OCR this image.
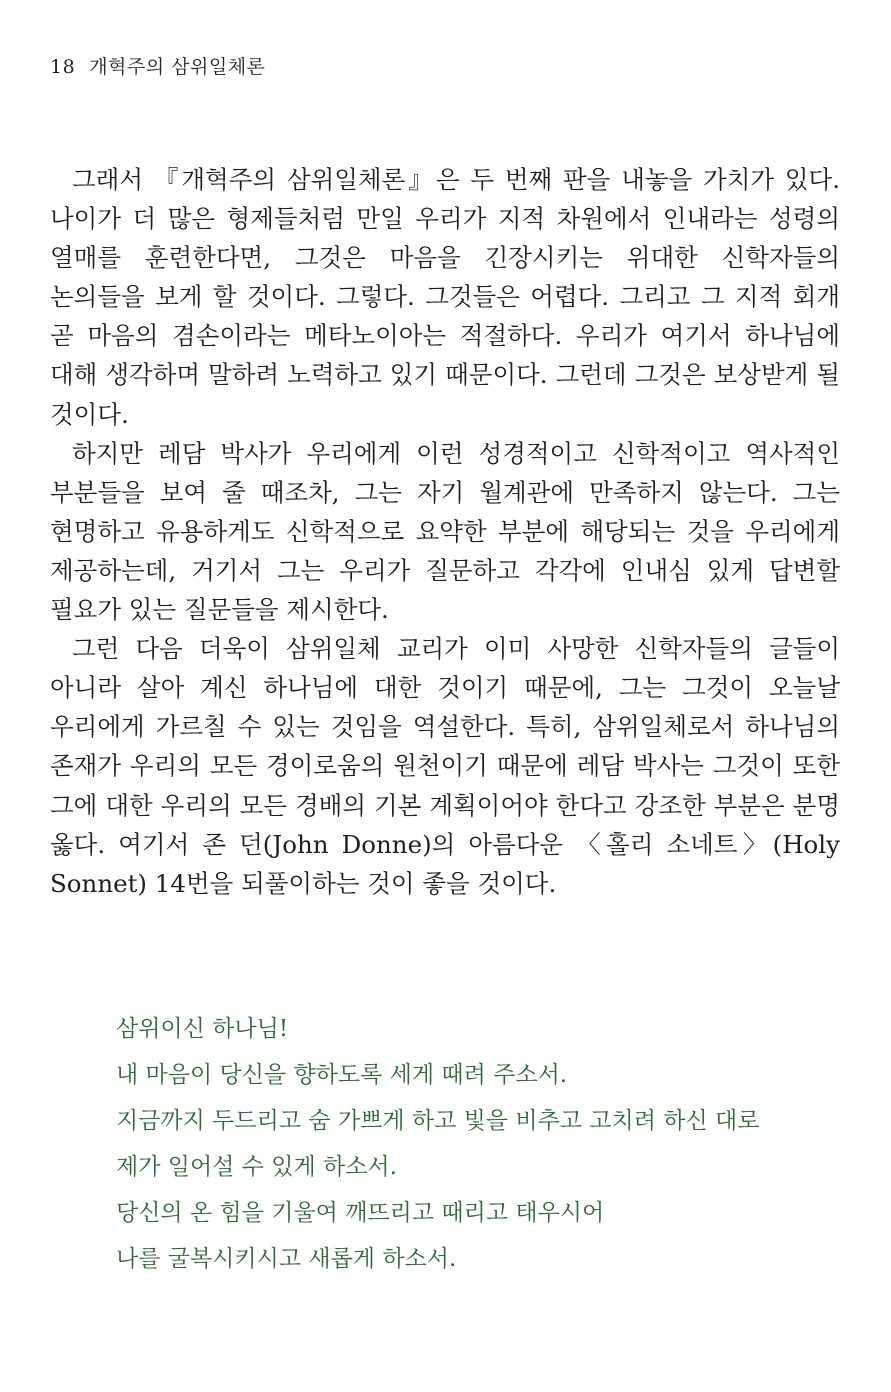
18 개혁주의 삼위일체론

그래서 『개혁주의 삼위일체론』은 두 번째 판을 내놓을 가치가 있다. 나이가 더 많은 형제들처럼 만일 우리가 지적 차원에서 인내라는 성령의 열매를 훈련한다면, 그것은 마음을 긴장시키는 위대한 신학자들의 논의들을 보게 할 것이다. 그렇다. 그것들은 어렵다. 그리고 그 지적 회개 곧 마음의 겸손이라는 메타노이아는 적절하다. 우리가 여기서 하나님에 대해 생각하며 말하려 노력하고 있기 때문이다. 그런데 그것은 보상받게 될 것이다.

하지만 레담 박사가 우리에게 이런 성경적이고 신학적이고 역사적인 부분들을 보여 줄 때조차, 그는 자기 월계관에 만족하지 않는다. 그는 현명하고 유용하게도 신학적으로 요약한 부분에 해당되는 것을 우리에게 제공하는데, 거기서 그는 우리가 질문하고 각각에 인내심 있게 답변할 필요가 있는 질문들을 제시한다.

그런 다음 더욱이 삼위일체 교리가 이미 사망한 신학자들의 글들이 아니라 살아 계신 하나님에 대한 것이기 때문에, 그는 그것이 오늘날 우리에게 가르칠 수 있는 것임을 역설한다. 특히, 삼위일체로서 하나님의 존재가 우리의 모든 경이로움의 원천이기 때문에 레담 박사는 그것이 또한 그에 대한 우리의 모든 경배의 기본 계획이어야 한다고 강조한 부분은 분명 옳다. 여기서 존 던(John Donne)의 아름다운 〈홀리 소네트〉(Holy Sonnet) 14번을 되풀이하는 것이 좋을 것이다.

삼위이신 하나님!
내 마음이 당신을 향하도록 세게 때려 주소서.
지금까지 두드리고 숨 가쁘게 하고 빛을 비추고 고치려 하신 대로
제가 일어설 수 있게 하소서.
당신의 온 힘을 기울여 깨뜨리고 때리고 태우시어
나를 굴복시키시고 새롭게 하소서.
